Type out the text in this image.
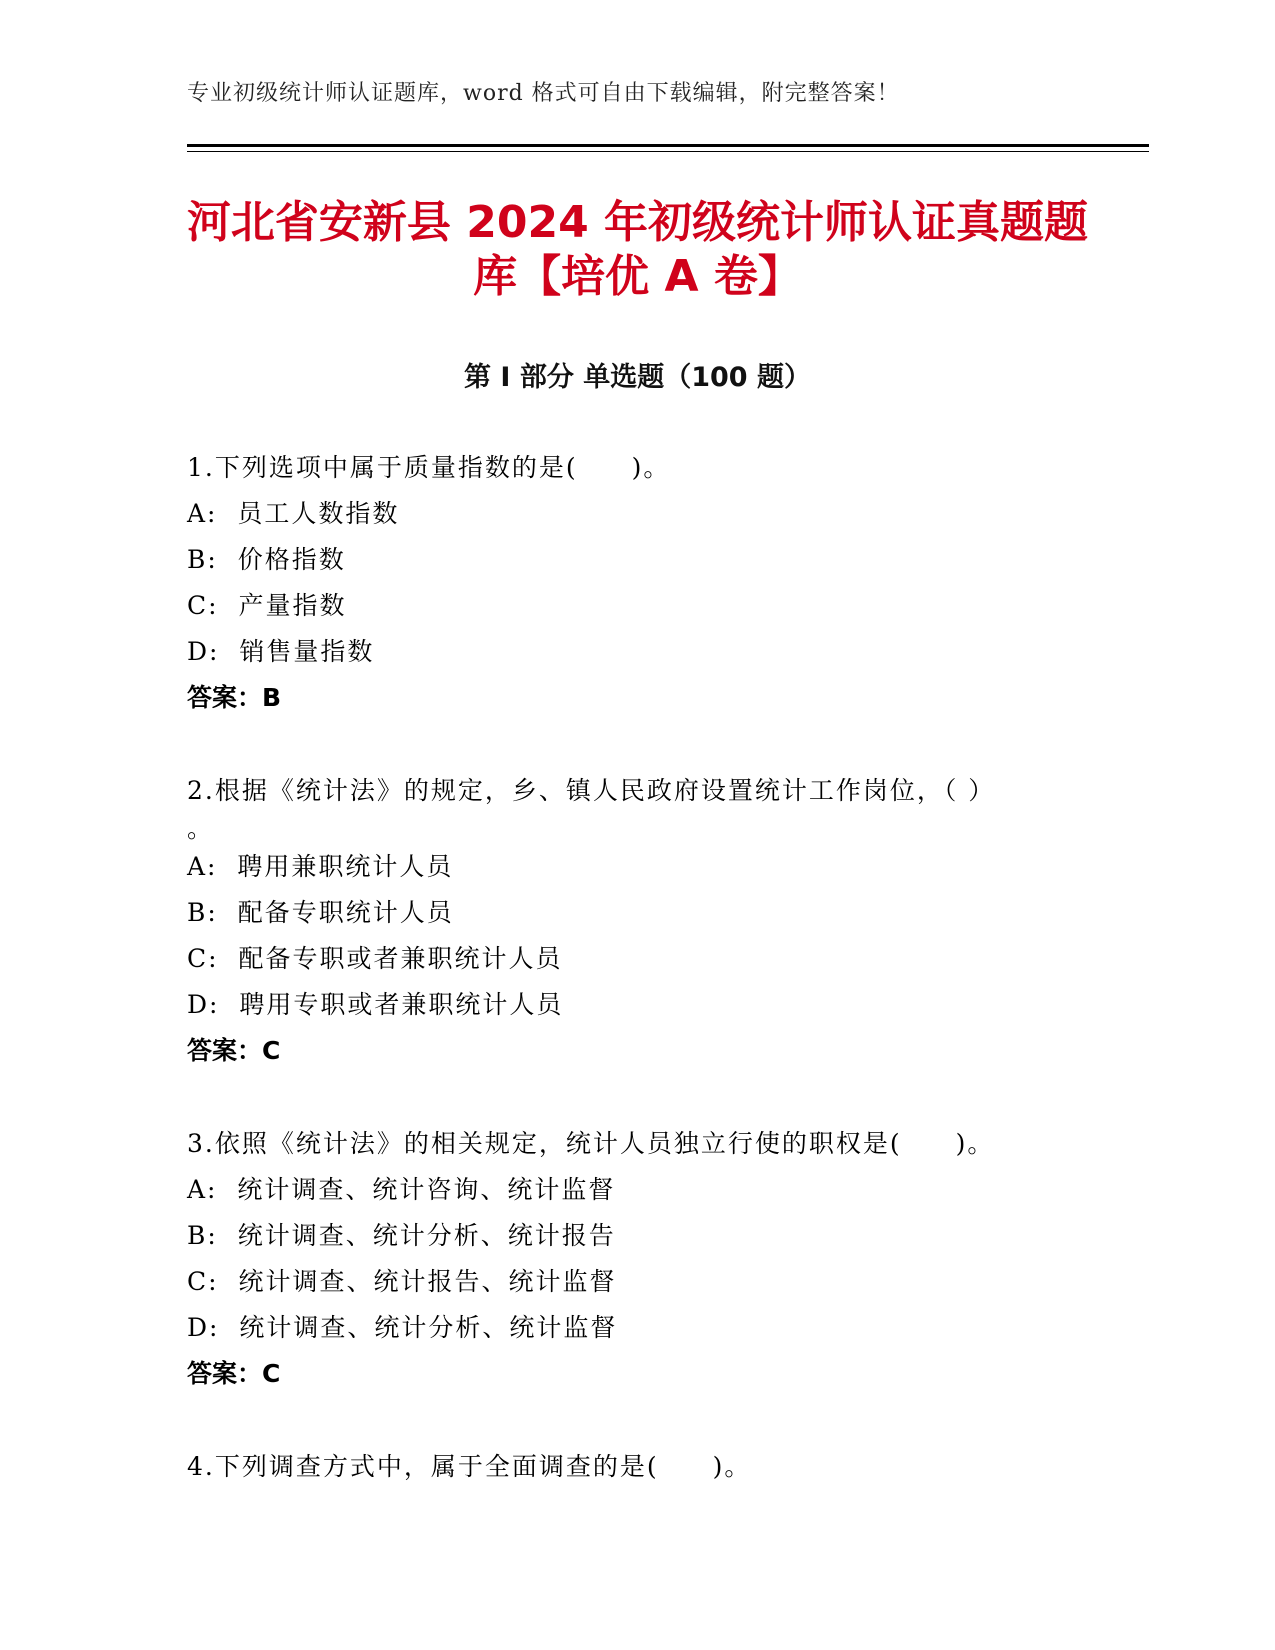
专业初级统计师认证题库，word 格式可自由下载编辑，附完整答案！
河北省安新县 2024 年初级统计师认证真题题
库【培优 A 卷】
第 I 部分 单选题（100 题）
1.下列选项中属于质量指数的是(　　)。
A:  员工人数指数
B:  价格指数
C:  产量指数
D:  销售量指数
答案：B
2.根据《统计法》的规定，乡、镇人民政府设置统计工作岗位，（ ）
。
A:  聘用兼职统计人员
B:  配备专职统计人员
C:  配备专职或者兼职统计人员
D:  聘用专职或者兼职统计人员
答案：C
3.依照《统计法》的相关规定，统计人员独立行使的职权是(　　)。
A:  统计调查、统计咨询、统计监督
B:  统计调查、统计分析、统计报告
C:  统计调查、统计报告、统计监督
D:  统计调查、统计分析、统计监督
答案：C
4.下列调查方式中，属于全面调查的是(　　)。
